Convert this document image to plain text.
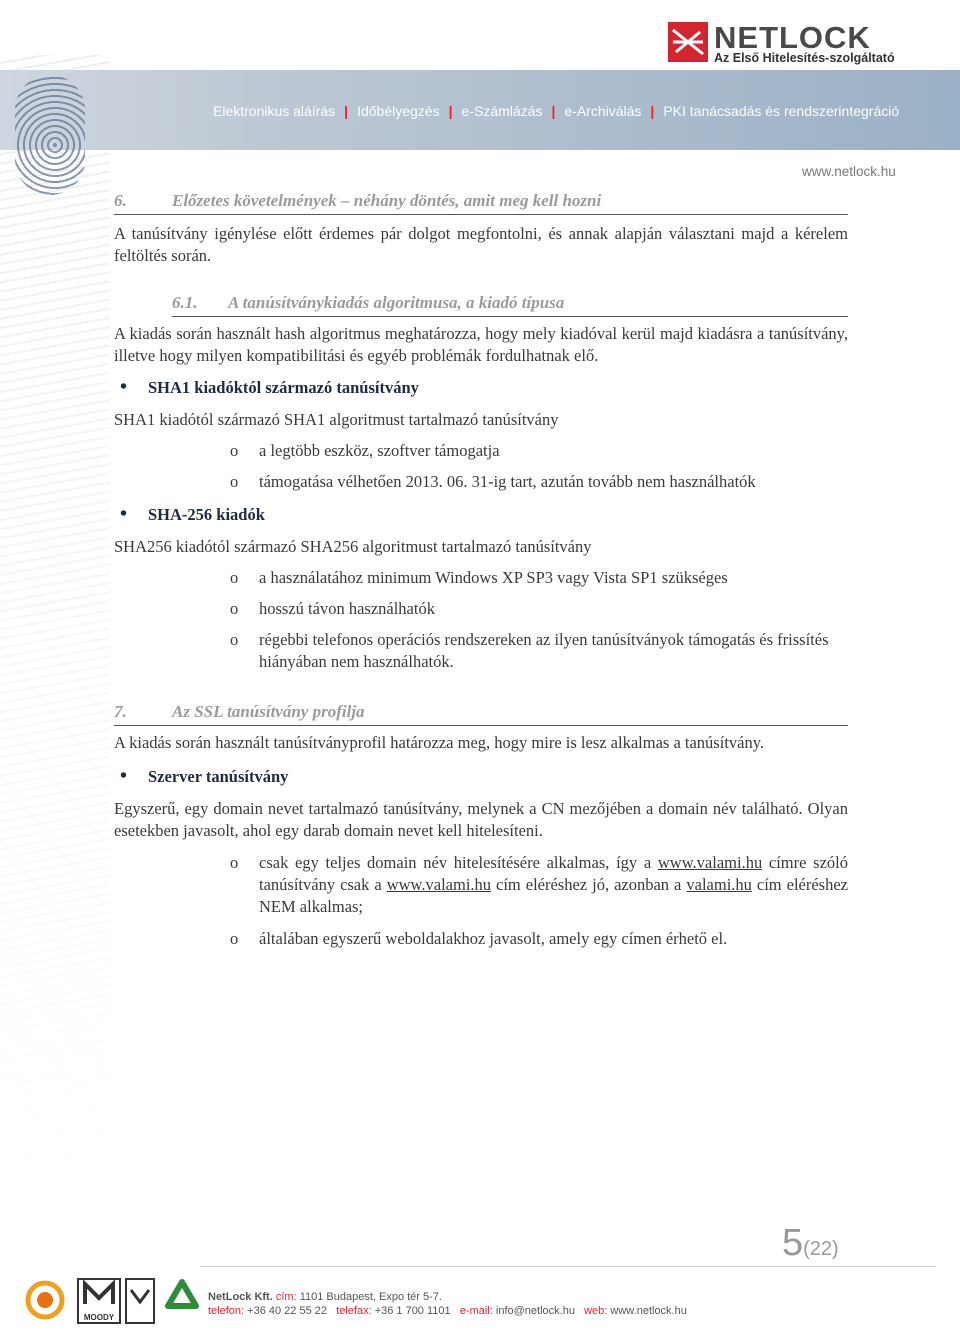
NETLOCK
Az Első Hitelesítés-szolgáltató
Elektronikus aláírás | Időbélyegzés | e-Számlázás | e-Archiválás | PKI tanácsadás és rendszerintegráció
www.netlock.hu
6.	Előzetes követelmények – néhány döntés, amit meg kell hozni

A tanúsítvány igénylése előtt érdemes pár dolgot megfontolni, és annak alapján választani majd a kérelem feltöltés során.

6.1. A tanúsítványkiadás algoritmusa, a kiadó típusa

A kiadás során használt hash algoritmus meghatározza, hogy mely kiadóval kerül majd kiadásra a tanúsítvány, illetve hogy milyen kompatibilitási és egyéb problémák fordulhatnak elő.

• SHA1 kiadóktól származó tanúsítvány

SHA1 kiadótól származó SHA1 algoritmust tartalmazó tanúsítvány

o a legtöbb eszköz, szoftver támogatja
o támogatása vélhetően 2013. 06. 31-ig tart, azután tovább nem használhatók
• SHA-256 kiadók

SHA256 kiadótól származó SHA256 algoritmust tartalmazó tanúsítvány

o a használatához minimum Windows XP SP3 vagy Vista SP1 szükséges
o hosszú távon használhatók
o régebbi telefonos operációs rendszereken az ilyen tanúsítványok támogatás és frissítés hiányában nem használhatók.
7.	Az SSL tanúsítvány profilja

A kiadás során használt tanúsítványprofil határozza meg, hogy mire is lesz alkalmas a tanúsítvány.

• Szerver tanúsítvány

Egyszerű, egy domain nevet tartalmazó tanúsítvány, melynek a CN mezőjében a domain név található. Olyan esetekben javasolt, ahol egy darab domain nevet kell hitelesíteni.

o csak egy teljes domain név hitelesítésére alkalmas, így a www.valami.hu címre szóló tanúsítvány csak a www.valami.hu cím eléréshez jó, azonban a valami.hu cím eléréshez NEM alkalmas;
o általában egyszerű weboldalakhoz javasolt, amely egy címen érhető el.
5(22)
MOODY
NetLock Kft. cím: 1101 Budapest, Expo tér 5-7.
telefon: +36 40 22 55 22 telefax: +36 1 700 1101 e-mail: info@netlock.hu web: www.netlock.hu
